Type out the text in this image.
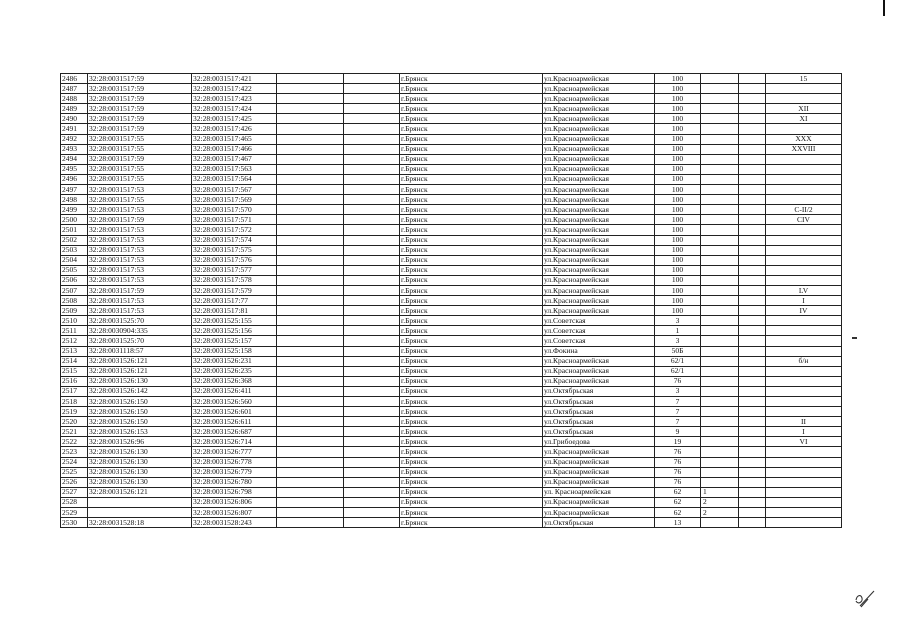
2486	32:28:0031517:59	32:28:0031517:421			г.Брянск	ул.Красноармейская	100			15
2487	32:28:0031517:59	32:28:0031517:422			г.Брянск	ул.Красноармейская	100			
2488	32:28:0031517:59	32:28:0031517:423			г.Брянск	ул.Красноармейская	100			
2489	32:28:0031517:59	32:28:0031517:424			г.Брянск	ул.Красноармейская	100			XII
2490	32:28:0031517:59	32:28:0031517:425			г.Брянск	ул.Красноармейская	100			XI
2491	32:28:0031517:59	32:28:0031517:426			г.Брянск	ул.Красноармейская	100			
2492	32:28:0031517:55	32:28:0031517:465			г.Брянск	ул.Красноармейская	100			XXX
2493	32:28:0031517:55	32:28:0031517:466			г.Брянск	ул.Красноармейская	100			XXVIII
2494	32:28:0031517:59	32:28:0031517:467			г.Брянск	ул.Красноармейская	100			
2495	32:28:0031517:55	32:28:0031517:563			г.Брянск	ул.Красноармейская	100			
2496	32:28:0031517:55	32:28:0031517:564			г.Брянск	ул.Красноармейская	100			
2497	32:28:0031517:53	32:28:0031517:567			г.Брянск	ул.Красноармейская	100			
2498	32:28:0031517:55	32:28:0031517:569			г.Брянск	ул.Красноармейская	100			
2499	32:28:0031517:53	32:28:0031517:570			г.Брянск	ул.Красноармейская	100			С-II/2
2500	32:28:0031517:59	32:28:0031517:571			г.Брянск	ул.Красноармейская	100			CIV
2501	32:28:0031517:53	32:28:0031517:572			г.Брянск	ул.Красноармейская	100			
2502	32:28:0031517:53	32:28:0031517:574			г.Брянск	ул.Красноармейская	100			
2503	32:28:0031517:53	32:28:0031517:575			г.Брянск	ул.Красноармейская	100			
2504	32:28:0031517:53	32:28:0031517:576			г.Брянск	ул.Красноармейская	100			
2505	32:28:0031517:53	32:28:0031517:577			г.Брянск	ул.Красноармейская	100			
2506	32:28:0031517:53	32:28:0031517:578			г.Брянск	ул.Красноармейская	100			
2507	32:28:0031517:59	32:28:0031517:579			г.Брянск	ул.Красноармейская	100			LV
2508	32:28:0031517:53	32:28:0031517:77			г.Брянск	ул.Красноармейская	100			I
2509	32:28:0031517:53	32:28:0031517:81			г.Брянск	ул.Красноармейская	100			IV
2510	32:28:0031525:70	32:28:0031525:155			г.Брянск	ул.Советская	3			
2511	32:28:0030904:335	32:28:0031525:156			г.Брянск	ул.Советская	1			
2512	32:28:0031525:70	32:28:0031525:157			г.Брянск	ул.Советская	3			
2513	32:28:0031118:57	32:28:0031525:158			г.Брянск	ул.Фокина	50Б			
2514	32:28:0031526:121	32:28:0031526:231			г.Брянск	ул.Красноармейская	62/1			б/н
2515	32:28:0031526:121	32:28:0031526:235			г.Брянск	ул.Красноармейская	62/1			
2516	32:28:0031526:130	32:28:0031526:368			г.Брянск	ул.Красноармейская	76			
2517	32:28:0031526:142	32:28:0031526:411			г.Брянск	ул.Октябрьская	3			
2518	32:28:0031526:150	32:28:0031526:560			г.Брянск	ул.Октябрьская	7			
2519	32:28:0031526:150	32:28:0031526:601			г.Брянск	ул.Октябрьская	7			
2520	32:28:0031526:150	32:28:0031526:611			г.Брянск	ул.Октябрьская	7			II
2521	32:28:0031526:153	32:28:0031526:687			г.Брянск	ул.Октябрьская	9			I
2522	32:28:0031526:96	32:28:0031526:714			г.Брянск	ул.Грибоедова	19			VI
2523	32:28:0031526:130	32:28:0031526:777			г.Брянск	ул.Красноармейская	76			
2524	32:28:0031526:130	32:28:0031526:778			г.Брянск	ул.Красноармейская	76			
2525	32:28:0031526:130	32:28:0031526:779			г.Брянск	ул.Красноармейская	76			
2526	32:28:0031526:130	32:28:0031526:780			г.Брянск	ул.Красноармейская	76			
2527	32:28:0031526:121	32:28:0031526:798			г.Брянск	ул. Красноармейская	62	1		
2528		32:28:0031526:806			г.Брянск	ул.Красноармейская	62	2		
2529		32:28:0031526:807			г.Брянск	ул.Красноармейская	62	2		
2530	32:28:0031528:18	32:28:0031528:243			г.Брянск	ул.Октябрьская	13			
